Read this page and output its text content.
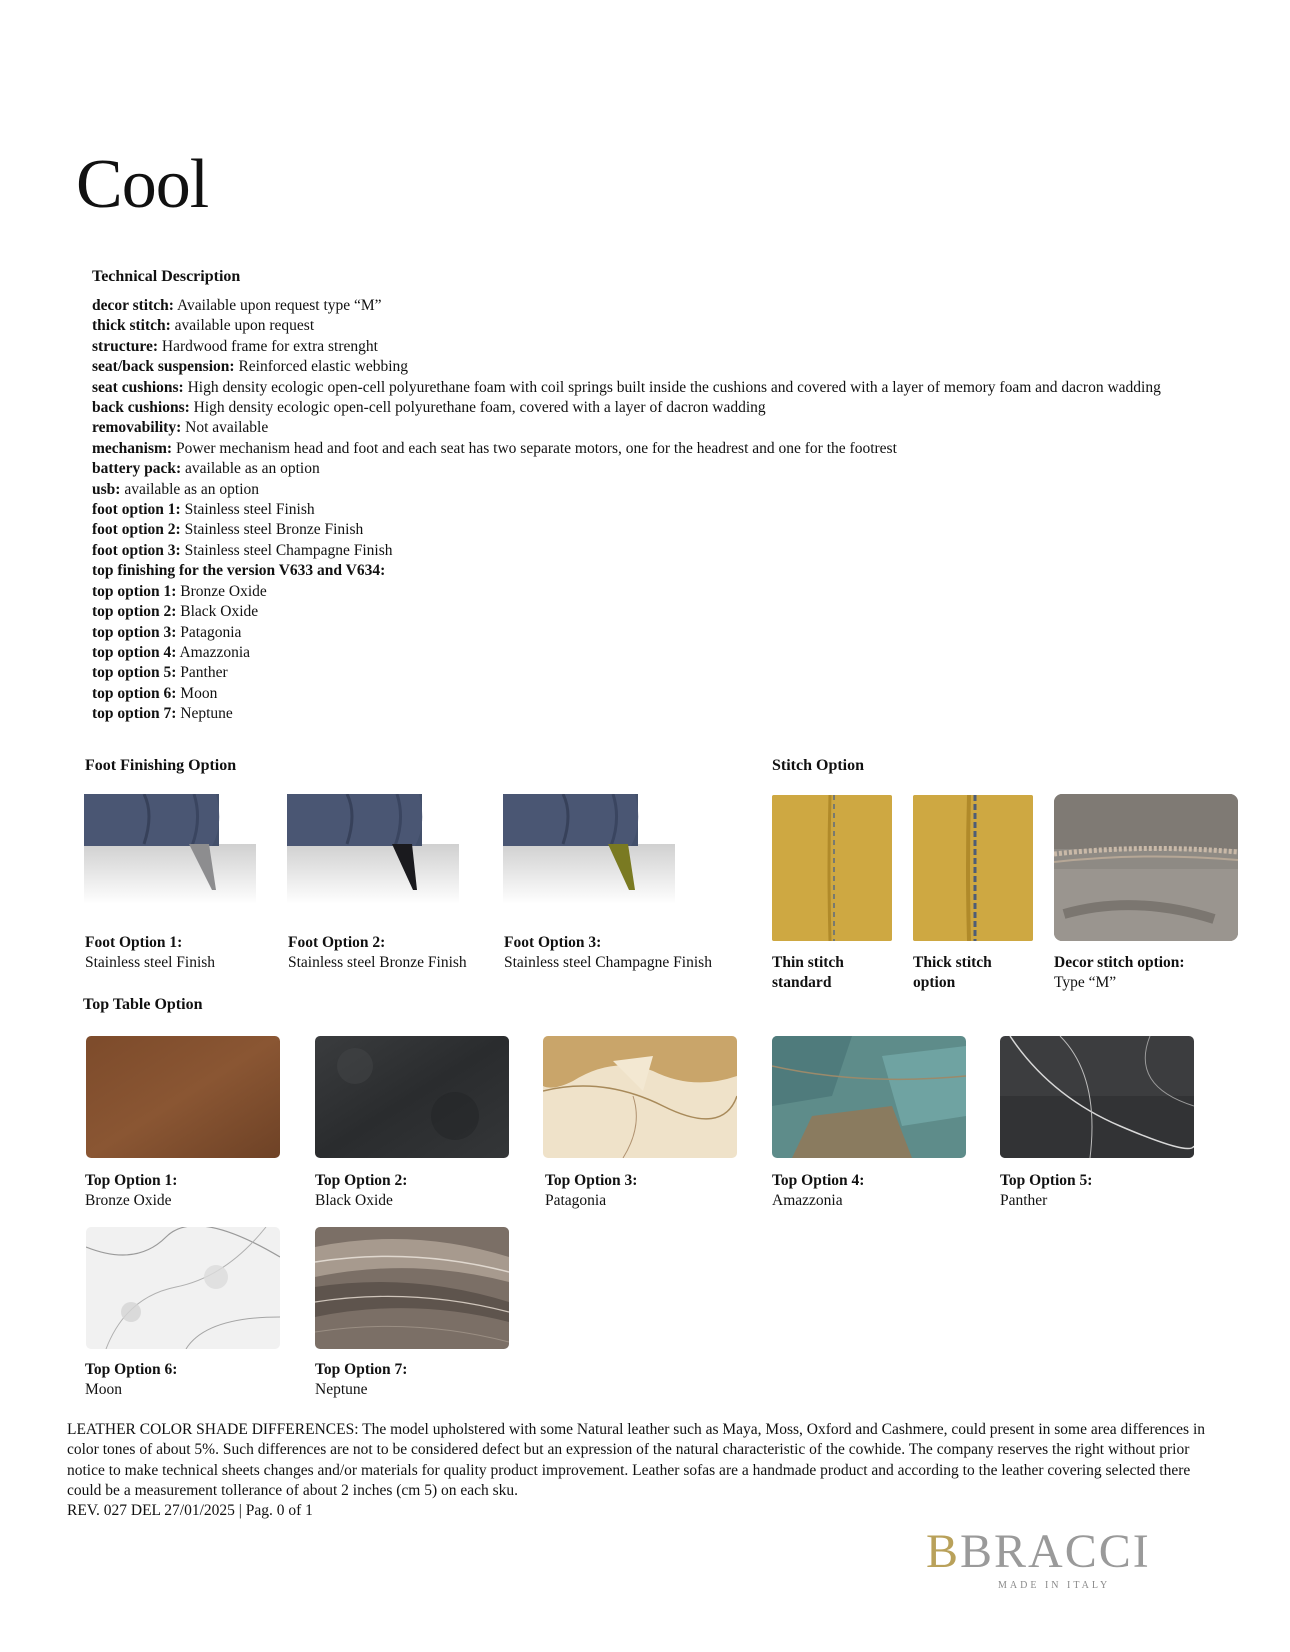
Cool
Technical Description
decor stitch: Available upon request type “M”
thick stitch: available upon request
structure: Hardwood frame for extra strenght
seat/back suspension: Reinforced elastic webbing
seat cushions: High density ecologic open-cell polyurethane foam with coil springs built inside the cushions and covered with a layer of memory foam and dacron wadding
back cushions: High density ecologic open-cell polyurethane foam, covered with a layer of dacron wadding
removability: Not available
mechanism: Power mechanism head and foot and each seat has two separate motors, one for the headrest and one for the footrest
battery pack: available as an option
usb: available as an option
foot option 1: Stainless steel Finish
foot option 2: Stainless steel Bronze Finish
foot option 3: Stainless steel Champagne Finish
top finishing for the version V633 and V634:
top option 1: Bronze Oxide
top option 2: Black Oxide
top option 3: Patagonia
top option 4: Amazzonia
top option 5: Panther
top option 6: Moon
top option 7: Neptune
Foot Finishing Option
Foot Option 1:
Stainless steel Finish
Foot Option 2:
Stainless steel Bronze Finish
Foot Option 3:
Stainless steel Champagne Finish
Stitch Option
Thin stitch
standard
Thick stitch
option
Decor stitch option:
Type “M”
Top Table Option
Top Option 1:
Bronze Oxide
Top Option 2:
Black Oxide
Top Option 3:
Patagonia
Top Option 4:
Amazzonia
Top Option 5:
Panther
Top Option 6:
Moon
Top Option 7:
Neptune
LEATHER COLOR SHADE DIFFERENCES: The model upholstered with some Natural leather such as Maya, Moss, Oxford and Cashmere, could present in some area differences in color tones of about 5%. Such differences are not to be considered defect but an expression of the natural characteristic of the cowhide. The company reserves the right without prior notice to make technical sheets changes and/or materials for quality product improvement. Leather sofas are a handmade product and according to the leather covering selected there could be a measurement tollerance of about 2 inches (cm 5) on each sku.
REV. 027 DEL 27/01/2025 | Pag. 0 of 1
BBRACCI
MADE IN ITALY
